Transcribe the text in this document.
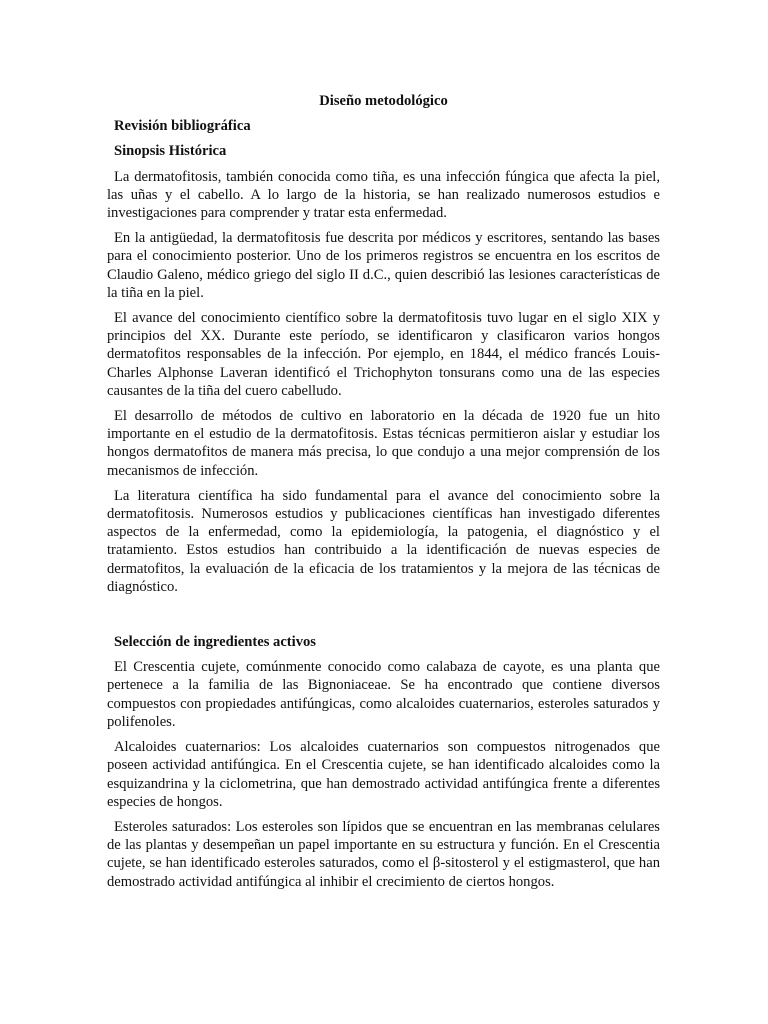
Diseño metodológico

Revisión bibliográfica

Sinopsis Histórica

La dermatofitosis, también conocida como tiña, es una infección fúngica que afecta la piel, las uñas y el cabello. A lo largo de la historia, se han realizado numerosos estudios e investigaciones para comprender y tratar esta enfermedad.

En la antigüedad, la dermatofitosis fue descrita por médicos y escritores, sentando las bases para el conocimiento posterior. Uno de los primeros registros se encuentra en los escritos de Claudio Galeno, médico griego del siglo II d.C., quien describió las lesiones características de la tiña en la piel.

El avance del conocimiento científico sobre la dermatofitosis tuvo lugar en el siglo XIX y principios del XX. Durante este período, se identificaron y clasificaron varios hongos dermatofitos responsables de la infección. Por ejemplo, en 1844, el médico francés Louis-Charles Alphonse Laveran identificó el Trichophyton tonsurans como una de las especies causantes de la tiña del cuero cabelludo.

El desarrollo de métodos de cultivo en laboratorio en la década de 1920 fue un hito importante en el estudio de la dermatofitosis. Estas técnicas permitieron aislar y estudiar los hongos dermatofitos de manera más precisa, lo que condujo a una mejor comprensión de los mecanismos de infección.

La literatura científica ha sido fundamental para el avance del conocimiento sobre la dermatofitosis. Numerosos estudios y publicaciones científicas han investigado diferentes aspectos de la enfermedad, como la epidemiología, la patogenia, el diagnóstico y el tratamiento. Estos estudios han contribuido a la identificación de nuevas especies de dermatofitos, la evaluación de la eficacia de los tratamientos y la mejora de las técnicas de diagnóstico.

Selección de ingredientes activos

El Crescentia cujete, comúnmente conocido como calabaza de cayote, es una planta que pertenece a la familia de las Bignoniaceae. Se ha encontrado que contiene diversos compuestos con propiedades antifúngicas, como alcaloides cuaternarios, esteroles saturados y polifenoles.

Alcaloides cuaternarios: Los alcaloides cuaternarios son compuestos nitrogenados que poseen actividad antifúngica. En el Crescentia cujete, se han identificado alcaloides como la esquizandrina y la ciclometrina, que han demostrado actividad antifúngica frente a diferentes especies de hongos.

Esteroles saturados: Los esteroles son lípidos que se encuentran en las membranas celulares de las plantas y desempeñan un papel importante en su estructura y función. En el Crescentia cujete, se han identificado esteroles saturados, como el β-sitosterol y el estigmasterol, que han demostrado actividad antifúngica al inhibir el crecimiento de ciertos hongos.
